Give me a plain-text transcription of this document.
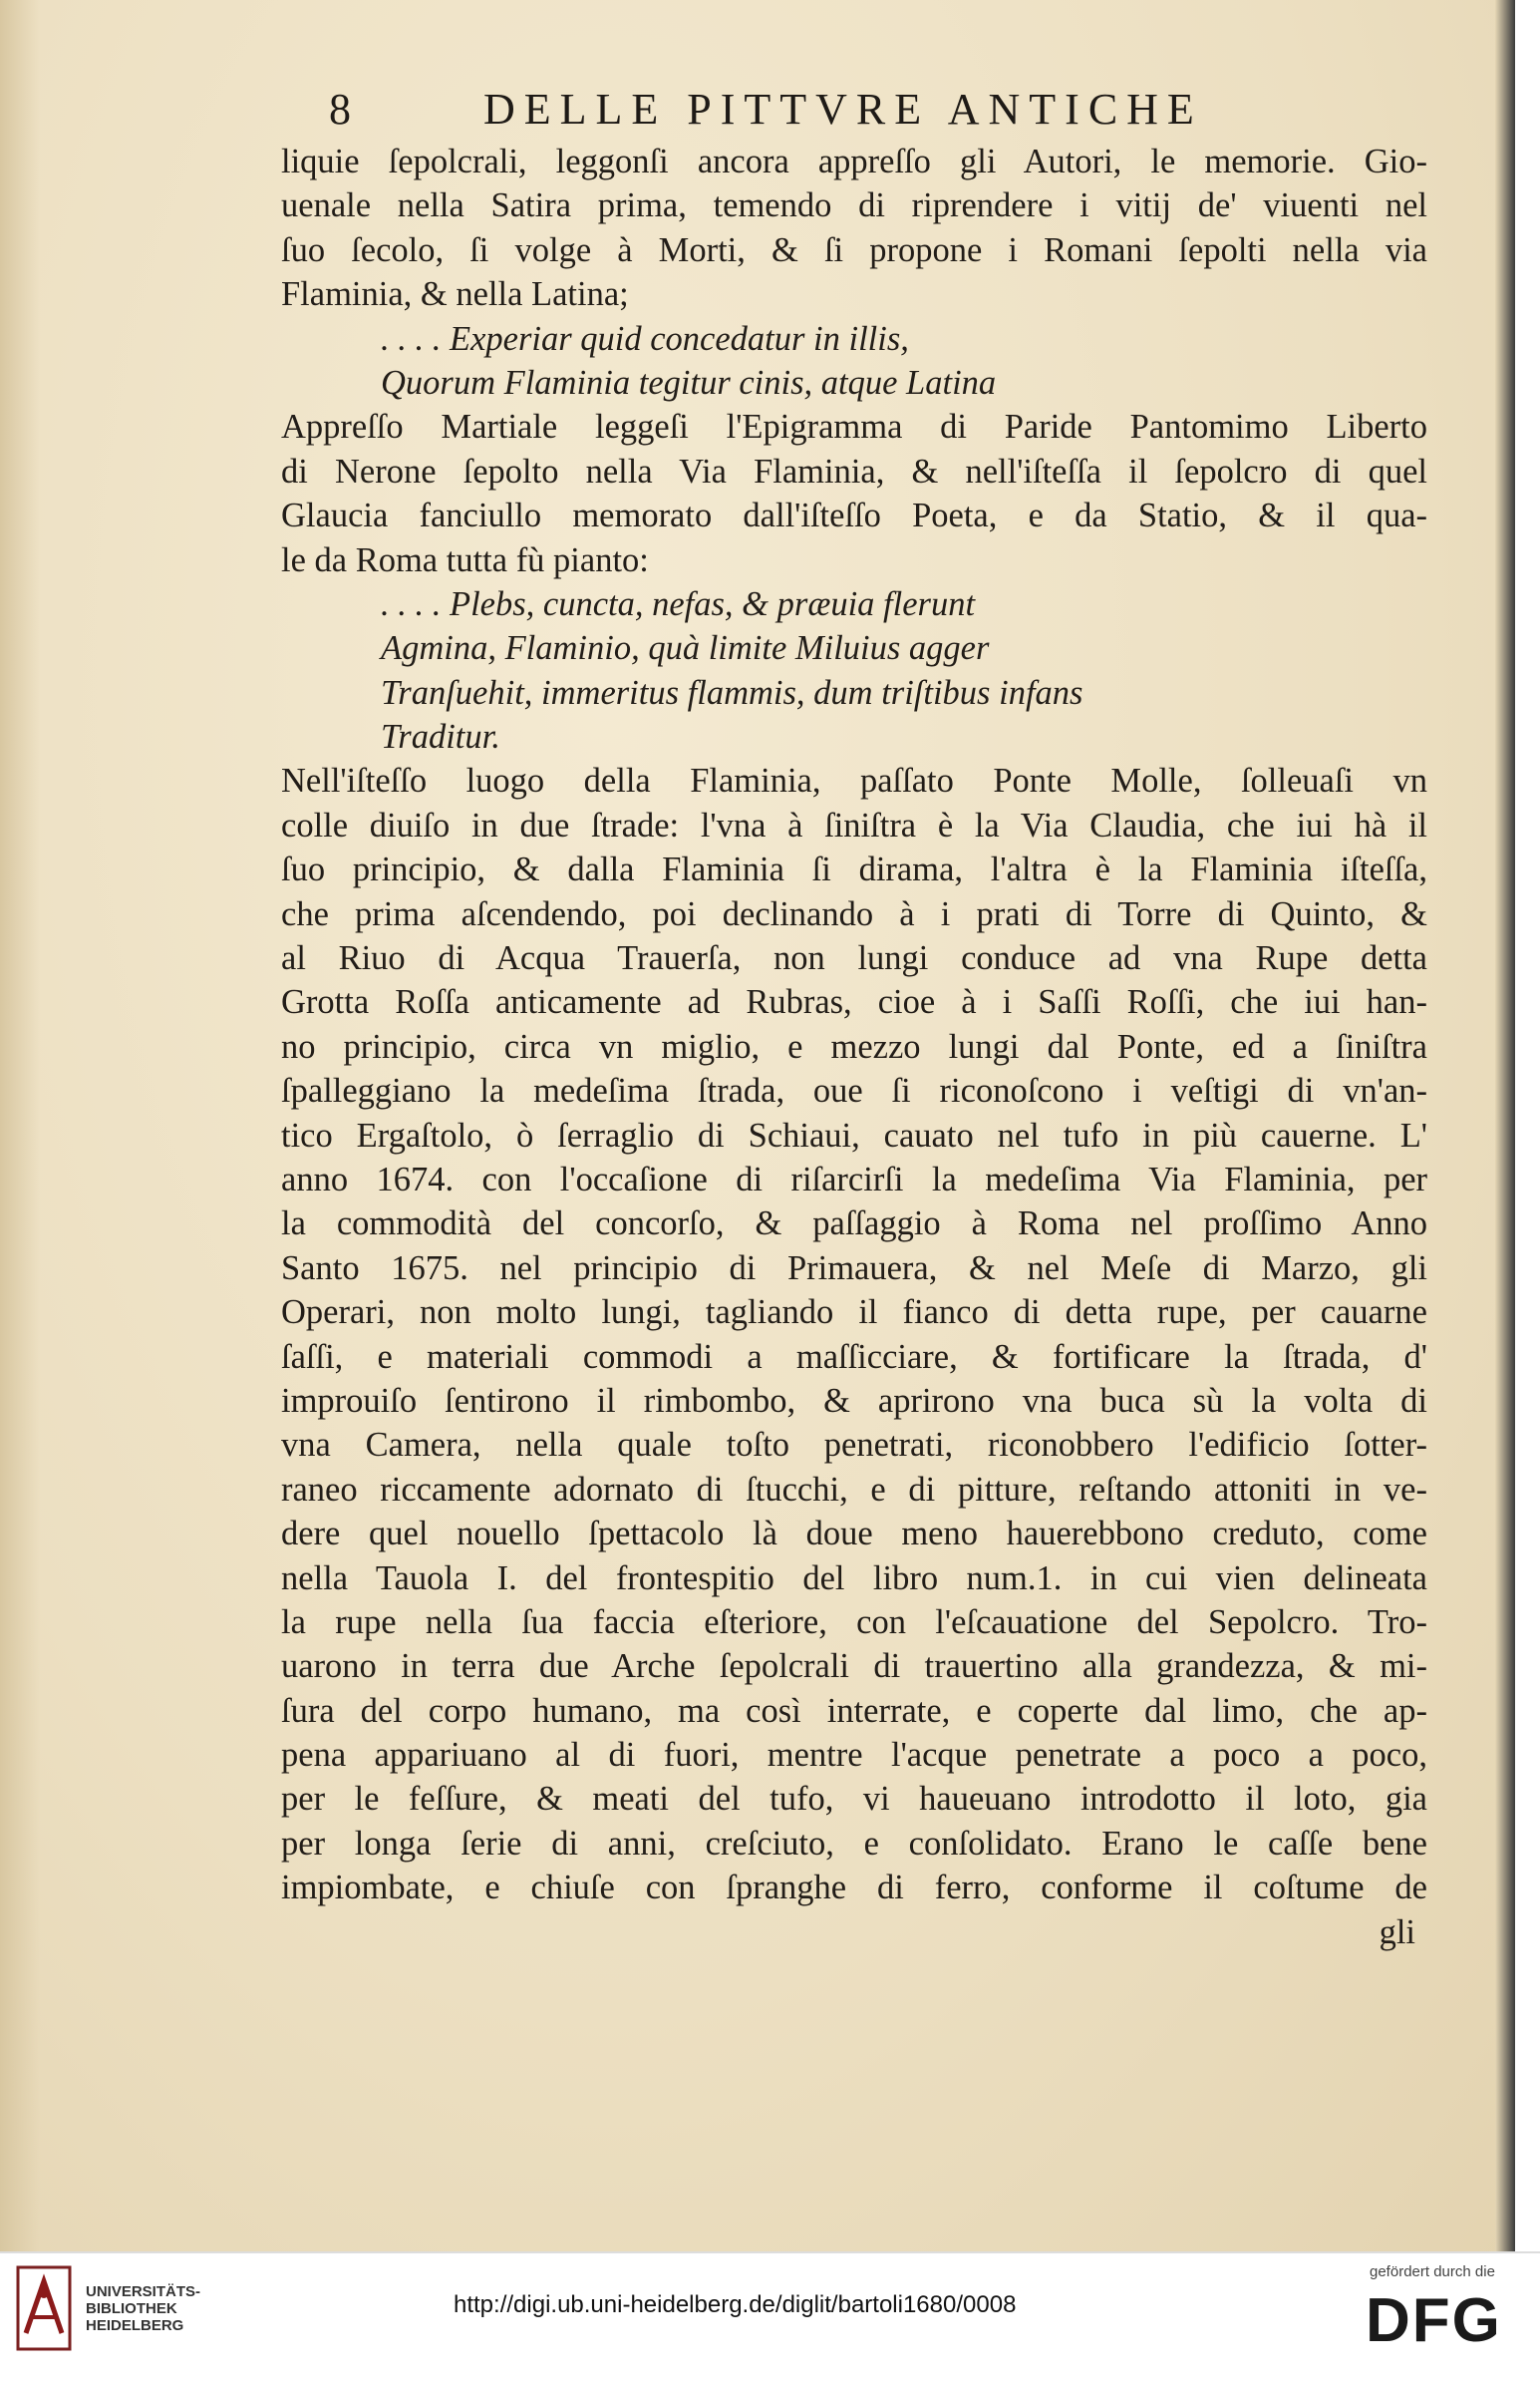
8	DELLE PITTVRE ANTICHE
liquie ſepolcrali, leggonſi ancora appreſſo gli Autori, le memorie. Gio-
uenale nella Satira prima, temendo di riprendere i vitij de' viuenti nel
ſuo ſecolo, ſi volge à Morti, & ſi propone i Romani ſepolti nella via
Flaminia, & nella Latina;
. . . . Experiar quid concedatur in illis,
Quorum Flaminia tegitur cinis, atque Latina
Appreſſo Martiale leggeſi l'Epigramma di Paride Pantomimo Liberto
di Nerone ſepolto nella Via Flaminia, & nell'iſteſſa il ſepolcro di quel
Glaucia fanciullo memorato dall'iſteſſo Poeta, e da Statio, & il qua-
le da Roma tutta fù pianto:
. . . . Plebs, cuncta, nefas, & præuia flerunt
Agmina, Flaminio, quà limite Miluius agger
Tranſuehit, immeritus flammis, dum triſtibus infans
Traditur.
Nell'iſteſſo luogo della Flaminia, paſſato Ponte Molle, ſolleuaſi vn
colle diuiſo in due ſtrade: l'vna à ſiniſtra è la Via Claudia, che iui hà il
ſuo principio, & dalla Flaminia ſi dirama, l'altra è la Flaminia iſteſſa,
che prima aſcendendo, poi declinando à i prati di Torre di Quinto, &
al Riuo di Acqua Trauerſa, non lungi conduce ad vna Rupe detta
Grotta Roſſa anticamente ad Rubras, cioe à i Saſſi Roſſi, che iui han-
no principio, circa vn miglio, e mezzo lungi dal Ponte, ed a ſiniſtra
ſpalleggiano la medeſima ſtrada, oue ſi riconoſcono i veſtigi di vn'an-
tico Ergaſtolo, ò ſerraglio di Schiaui, cauato nel tufo in più cauerne. L'
anno 1674. con l'occaſione di riſarcirſi la medeſima Via Flaminia, per
la commodità del concorſo, & paſſaggio à Roma nel proſſimo Anno
Santo 1675. nel principio di Primauera, & nel Meſe di Marzo, gli
Operari, non molto lungi, tagliando il fianco di detta rupe, per cauarne
ſaſſi, e materiali commodi a maſſicciare, & fortificare la ſtrada, d'
improuiſo ſentirono il rimbombo, & aprirono vna buca sù la volta di
vna Camera, nella quale toſto penetrati, riconobbero l'edificio ſotter-
raneo riccamente adornato di ſtucchi, e di pitture, reſtando attoniti in ve-
dere quel nouello ſpettacolo là doue meno hauerebbono creduto, come
nella Tauola I. del frontespitio del libro num.1. in cui vien delineata
la rupe nella ſua faccia eſteriore, con l'eſcauatione del Sepolcro. Tro-
uarono in terra due Arche ſepolcrali di trauertino alla grandezza, & mi-
ſura del corpo humano, ma così interrate, e coperte dal limo, che ap-
pena appariuano al di fuori, mentre l'acque penetrate a poco a poco,
per le feſſure, & meati del tufo, vi haueuano introdotto il loto, gia
per longa ſerie di anni, creſciuto, e conſolidato. Erano le caſſe bene
impiombate, e chiuſe con ſpranghe di ferro, conforme il coſtume de
gli
UNIVERSITÄTS-
BIBLIOTHEK
HEIDELBERG
http://digi.ub.uni-heidelberg.de/diglit/bartoli1680/0008
gefördert durch die
DFG
